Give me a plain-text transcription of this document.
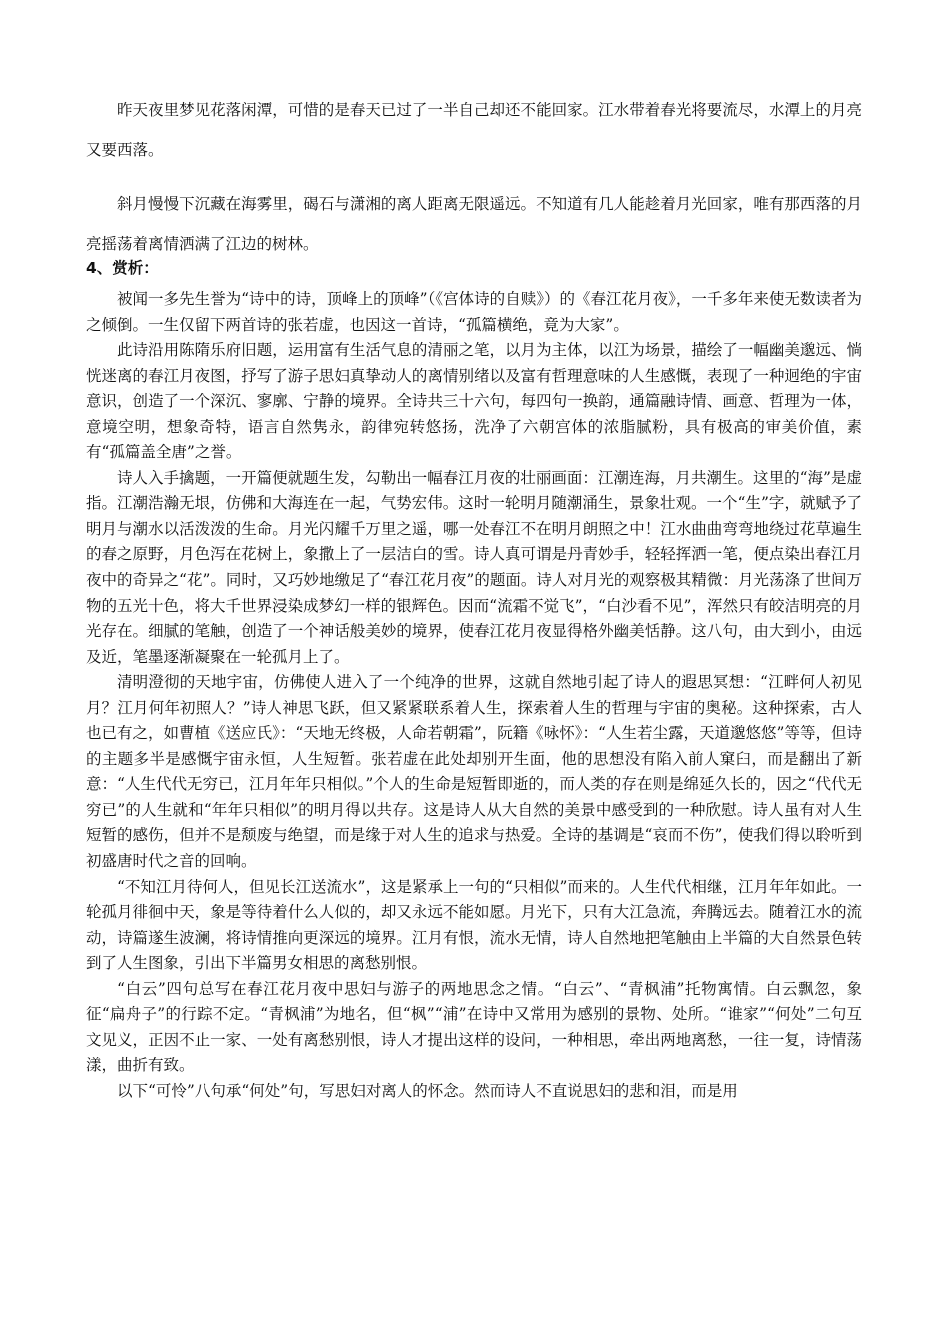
昨天夜里梦见花落闲潭，可惜的是春天已过了一半自己却还不能回家。江水带着春光将要流尽，水潭上的月亮又要西落。

斜月慢慢下沉藏在海雾里，碣石与潇湘的离人距离无限遥远。不知道有几人能趁着月光回家，唯有那西落的月亮摇荡着离情洒满了江边的树林。

4、赏析：

被闻一多先生誉为“诗中的诗，顶峰上的顶峰”（《宫体诗的自赎》）的《春江花月夜》，一千多年来使无数读者为之倾倒。一生仅留下两首诗的张若虚，也因这一首诗，“孤篇横绝，竟为大家”。

此诗沿用陈隋乐府旧题，运用富有生活气息的清丽之笔，以月为主体，以江为场景，描绘了一幅幽美邈远、惝恍迷离的春江月夜图，抒写了游子思妇真挚动人的离情别绪以及富有哲理意味的人生感慨，表现了一种迥绝的宇宙意识，创造了一个深沉、寥廓、宁静的境界。全诗共三十六句，每四句一换韵，通篇融诗情、画意、哲理为一体，意境空明，想象奇特，语言自然隽永，韵律宛转悠扬，洗净了六朝宫体的浓脂腻粉，具有极高的审美价值，素有“孤篇盖全唐”之誉。

诗人入手擒题，一开篇便就题生发，勾勒出一幅春江月夜的壮丽画面：江潮连海，月共潮生。这里的“海”是虚指。江潮浩瀚无垠，仿佛和大海连在一起，气势宏伟。这时一轮明月随潮涌生，景象壮观。一个“生”字，就赋予了明月与潮水以活泼泼的生命。月光闪耀千万里之遥，哪一处春江不在明月朗照之中！江水曲曲弯弯地绕过花草遍生的春之原野，月色泻在花树上，象撒上了一层洁白的雪。诗人真可谓是丹青妙手，轻轻挥洒一笔，便点染出春江月夜中的奇异之“花”。同时，又巧妙地缴足了“春江花月夜”的题面。诗人对月光的观察极其精微：月光荡涤了世间万物的五光十色，将大千世界浸染成梦幻一样的银辉色。因而“流霜不觉飞”，“白沙看不见”，浑然只有皎洁明亮的月光存在。细腻的笔触，创造了一个神话般美妙的境界，使春江花月夜显得格外幽美恬静。这八句，由大到小，由远及近，笔墨逐渐凝聚在一轮孤月上了。

清明澄彻的天地宇宙，仿佛使人进入了一个纯净的世界，这就自然地引起了诗人的遐思冥想：“江畔何人初见月？江月何年初照人？”诗人神思飞跃，但又紧紧联系着人生，探索着人生的哲理与宇宙的奥秘。这种探索，古人也已有之，如曹植《送应氏》：“天地无终极，人命若朝霜”，阮籍《咏怀》：“人生若尘露，天道邈悠悠”等等，但诗的主题多半是感慨宇宙永恒，人生短暂。张若虚在此处却别开生面，他的思想没有陷入前人窠臼，而是翻出了新意：“人生代代无穷已，江月年年只相似。”个人的生命是短暂即逝的，而人类的存在则是绵延久长的，因之“代代无穷已”的人生就和“年年只相似”的明月得以共存。这是诗人从大自然的美景中感受到的一种欣慰。诗人虽有对人生短暂的感伤，但并不是颓废与绝望，而是缘于对人生的追求与热爱。全诗的基调是“哀而不伤”，使我们得以聆听到初盛唐时代之音的回响。

“不知江月待何人，但见长江送流水”，这是紧承上一句的“只相似”而来的。人生代代相继，江月年年如此。一轮孤月徘徊中天，象是等待着什么人似的，却又永远不能如愿。月光下，只有大江急流，奔腾远去。随着江水的流动，诗篇遂生波澜，将诗情推向更深远的境界。江月有恨，流水无情，诗人自然地把笔触由上半篇的大自然景色转到了人生图象，引出下半篇男女相思的离愁别恨。

“白云”四句总写在春江花月夜中思妇与游子的两地思念之情。“白云”、“青枫浦”托物寓情。白云飘忽，象征“扁舟子”的行踪不定。“青枫浦”为地名，但“枫”“浦”在诗中又常用为感别的景物、处所。“谁家”“何处”二句互文见义，正因不止一家、一处有离愁别恨，诗人才提出这样的设问，一种相思，牵出两地离愁，一往一复，诗情荡漾，曲折有致。

以下“可怜”八句承“何处”句，写思妇对离人的怀念。然而诗人不直说思妇的悲和泪，而是用
